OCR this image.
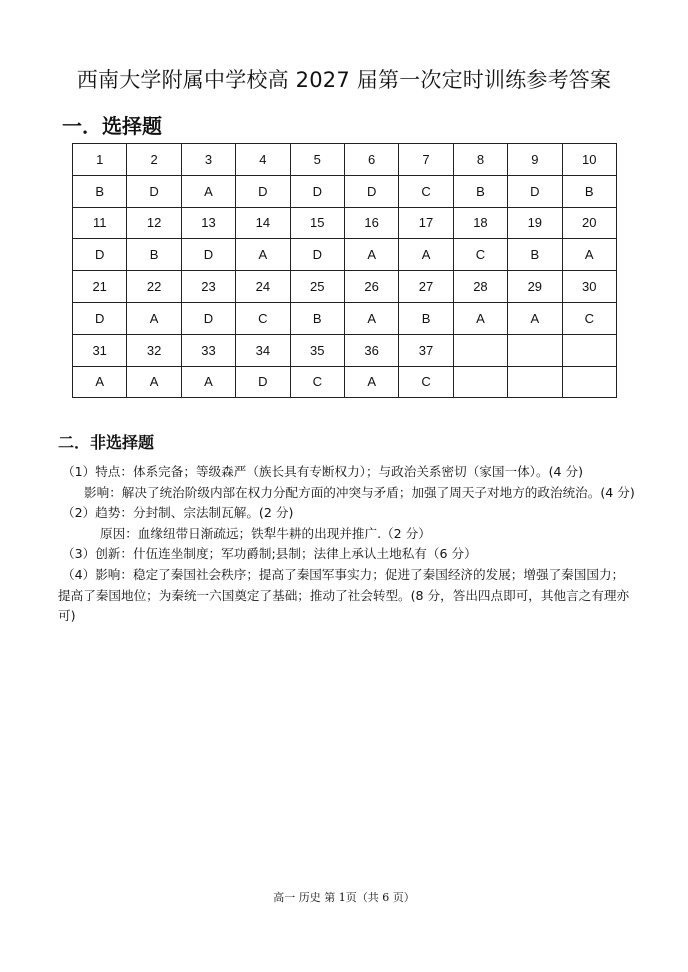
西南大学附属中学校高 2027 届第一次定时训练参考答案
一．选择题
1	2	3	4	5	6	7	8	9	10
B	D	A	D	D	D	C	B	D	B
11	12	13	14	15	16	17	18	19	20
D	B	D	A	D	A	A	C	B	A
21	22	23	24	25	26	27	28	29	30
D	A	D	C	B	A	B	A	A	C
31	32	33	34	35	36	37			
A	A	A	D	C	A	C			
二．非选择题

（1）特点：体系完备；等级森严（族长具有专断权力）；与政治关系密切（家国一体）。(4 分)

影响：解决了统治阶级内部在权力分配方面的冲突与矛盾；加强了周天子对地方的政治统治。(4 分)

（2）趋势：分封制、宗法制瓦解。(2 分)

原因：血缘纽带日渐疏远；铁犁牛耕的出现并推广.（2 分）

（3）创新：什伍连坐制度；军功爵制;县制；法律上承认土地私有（6 分）

（4）影响：稳定了秦国社会秩序；提高了秦国军事实力；促进了秦国经济的发展；增强了秦国国力；提高了秦国地位；为秦统一六国奠定了基础；推动了社会转型。(8 分，答出四点即可，其他言之有理亦可)

高一 历史 第 1页（共 6 页）
